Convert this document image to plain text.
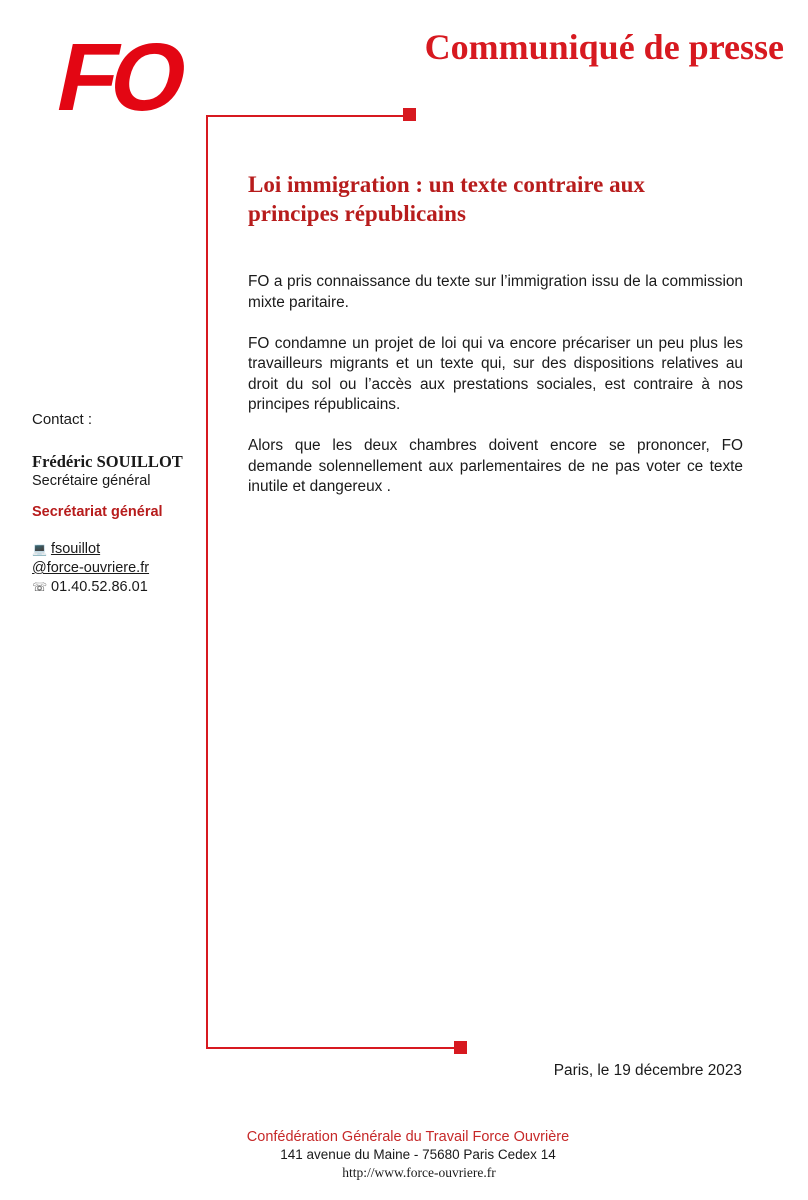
FO	Communiqué de presse
Loi immigration : un texte contraire aux
principes républicains

FO a pris connaissance du texte sur l’immigration issu de la commission mixte paritaire.

FO condamne un projet de loi qui va encore précariser un peu plus les travailleurs migrants et un texte qui, sur des dispositions relatives au droit du sol ou l’accès aux prestations sociales, est contraire à nos principes républicains.

Alors que les deux chambres doivent encore se prononcer, FO demande solennellement aux parlementaires de ne pas voter ce texte inutile et dangereux .

Contact :

Frédéric SOUILLOT

Secrétaire général

Secrétariat général

💻 fsouillot

@force-ouvriere.fr

☏ 01.40.52.86.01

Paris, le 19 décembre 2023
Confédération Générale du Travail Force Ouvrière
141 avenue du Maine - 75680 Paris Cedex 14
http://www.force-ouvriere.fr
